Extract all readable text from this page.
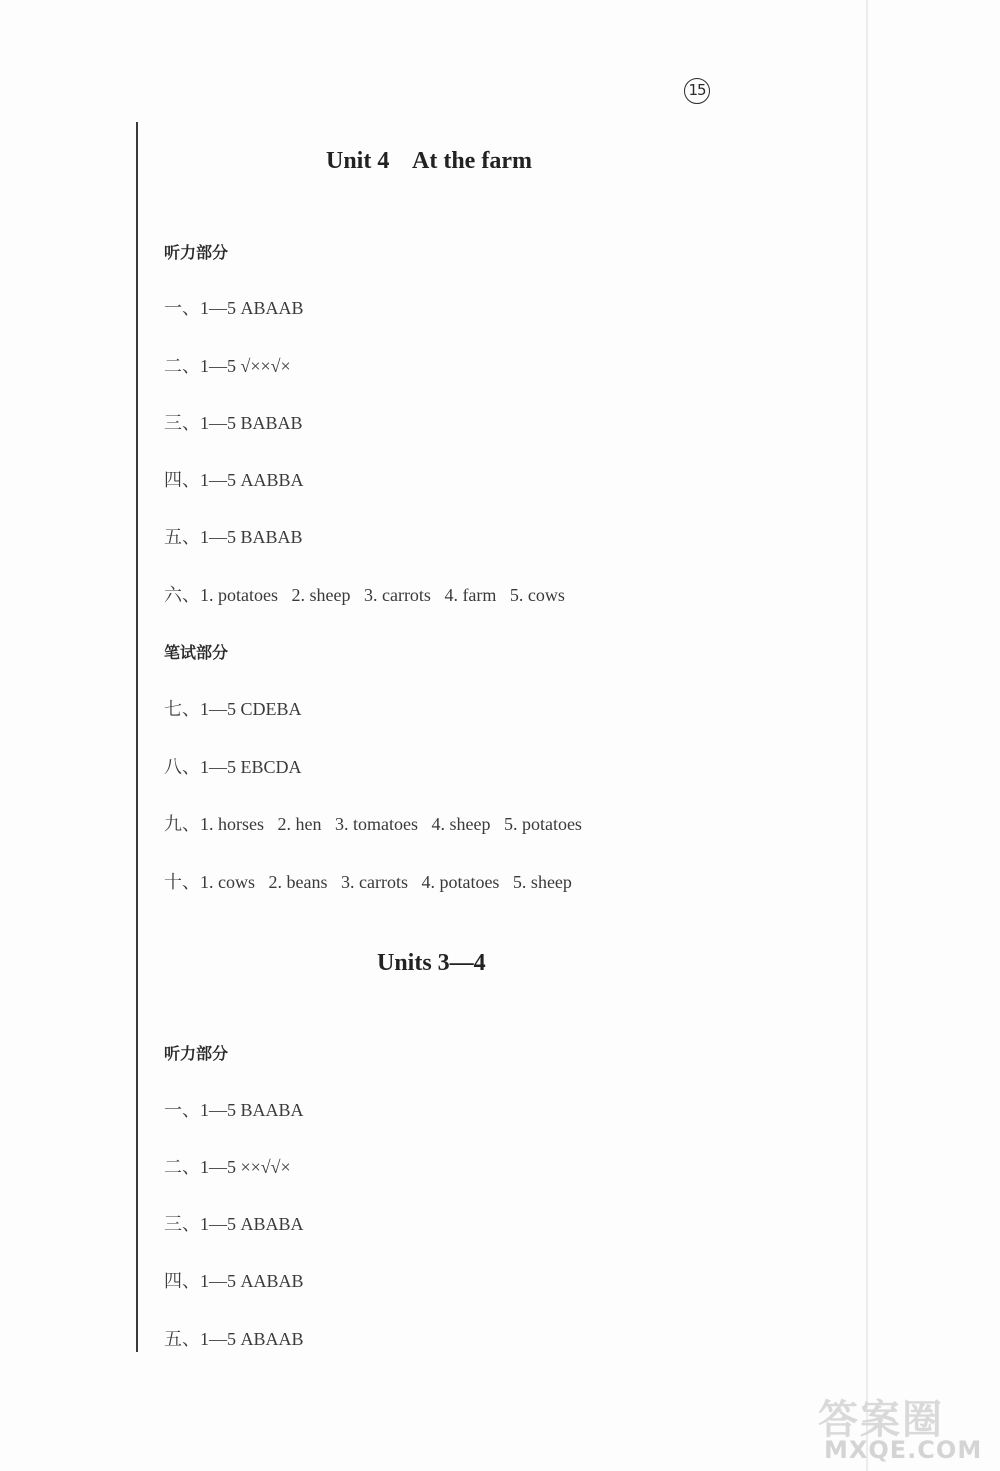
15
Unit 4    At the farm
听力部分
一、1—5 ABAAB
二、1—5 √××√×
三、1—5 BABAB
四、1—5 AABBA
五、1—5 BABAB
六、1. potatoes   2. sheep   3. carrots   4. farm   5. cows
笔试部分
七、1—5 CDEBA
八、1—5 EBCDA
九、1. horses   2. hen   3. tomatoes   4. sheep   5. potatoes
十、1. cows   2. beans   3. carrots   4. potatoes   5. sheep
Units 3—4
听力部分
一、1—5 BAABA
二、1—5 ××√√×
三、1—5 ABABA
四、1—5 AABAB
五、1—5 ABAAB
答案圈
MXQE.COM
